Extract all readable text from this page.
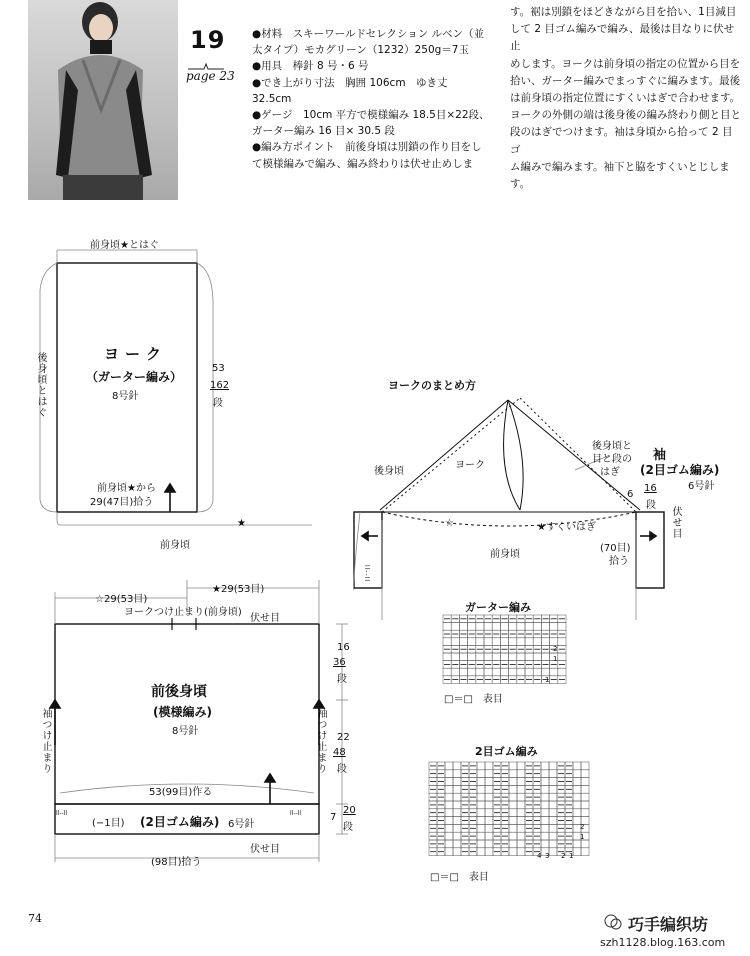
19
page 23

●材料　スキーワールドセレクション ルベン（並

太タイプ）モカグリーン（1232）250g＝7玉

●用具　棒針 8 号・6 号

●でき上がり寸法　胸囲 106cm　ゆき丈

32.5cm

●ゲージ　10cm 平方で模様編み 18.5目×22段、

ガーター編み 16 目× 30.5 段

●編み方ポイント　前後身頃は別鎖の作り目をし

て模様編みで編み、編み終わりは伏せ止めしま

す。裾は別鎖をほどきながら目を拾い、1目減目
して 2 目ゴム編みで編み、最後は目なりに伏せ止
めします。ヨークは前身頃の指定の位置から目を
拾い、ガーター編みでまっすぐに編みます。最後
は前身頃の指定位置にすくいはぎで合わせます。
ヨークの外側の端は後身後の編み終わり側と目と
段のはぎでつけます。袖は身頃から拾って 2 目ゴ
ム編みで編みます。袖下と脇をすくいとじします。
前身頃★とはぐ
後身頃とはぐ	ヨーク
（ガーター編み）
8号針
53
162
段
前身頃★から
29(47目)拾う
★
前身頃
ヨークのまとめ方
後身頃
ヨーク
後身頃と
目と段の
はぎ
袖
(2目ゴム編み)
6号針
6
16
段
伏せ目
☆	★すくいはぎ
前身頃
(70目)
拾う
ll‑‑ll
☆29(53目)
★29(53目)
ヨークつけ止まり(前身頃)
伏せ目
前後身頃
(模様編み)
8号針
袖つけ止まり	袖つけ止まり
53(99目)作る
(−1目) (2目ゴム編み) 6号針
伏せ目
(98目)拾う
ll‑‑ll	ll‑‑ll
16
36
段
22
48
段
7
20
段
ガーター編み
2
1
1
□＝□　表目
2目ゴム編み
2
1
4 3 2 1
□＝□　表目
74	巧手编织坊
szh1128.blog.163.com
